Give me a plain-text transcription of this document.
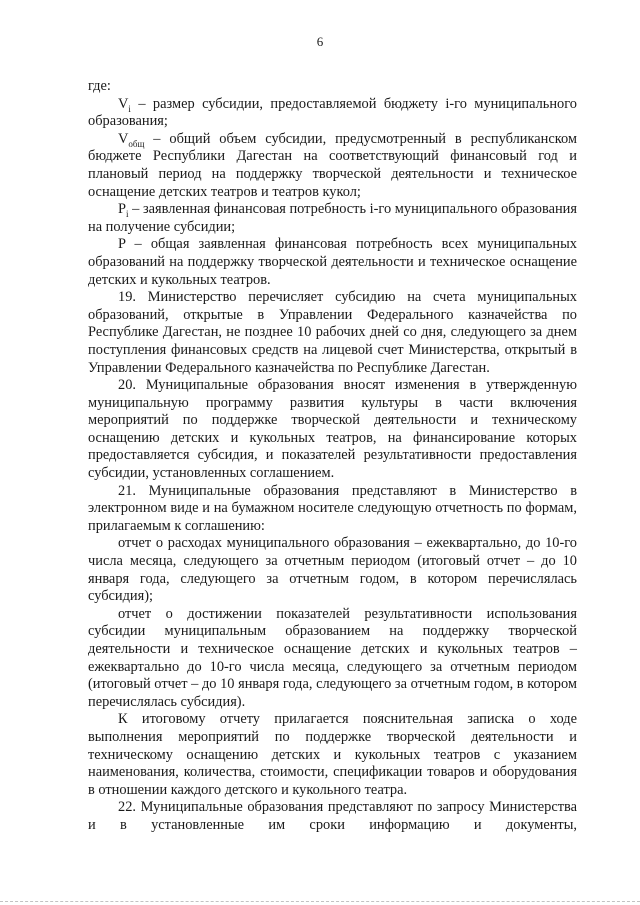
6

где:

$V_i$ – размер субсидии, предоставляемой бюджету i-го муниципального образования;

$V_{общ}$ – общий объем субсидии, предусмотренный в республиканском бюджете Республики Дагестан на соответствующий финансовый год и плановый период на поддержку творческой деятельности и техническое оснащение детских театров и театров кукол;

$P_i$ – заявленная финансовая потребность i-го муниципального образования на получение субсидии;

P – общая заявленная финансовая потребность всех муниципальных образований на поддержку творческой деятельности и техническое оснащение детских и кукольных театров.

19. Министерство перечисляет субсидию на счета муниципальных образований, открытые в Управлении Федерального казначейства по Республике Дагестан, не позднее 10 рабочих дней со дня, следующего за днем поступления финансовых средств на лицевой счет Министерства, открытый в Управлении Федерального казначейства по Республике Дагестан.

20. Муниципальные образования вносят изменения в утвержденную муниципальную программу развития культуры в части включения мероприятий по поддержке творческой деятельности и техническому оснащению детских и кукольных театров, на финансирование которых предоставляется субсидия, и показателей результативности предоставления субсидии, установленных соглашением.

21. Муниципальные образования представляют в Министерство в электронном виде и на бумажном носителе следующую отчетность по формам, прилагаемым к соглашению:

отчет о расходах муниципального образования – ежеквартально, до 10-го числа месяца, следующего за отчетным периодом (итоговый отчет – до 10 января года, следующего за отчетным годом, в котором перечислялась субсидия);

отчет о достижении показателей результативности использования субсидии муниципальным образованием на поддержку творческой деятельности и техническое оснащение детских и кукольных театров – ежеквартально до 10-го числа месяца, следующего за отчетным периодом (итоговый отчет – до 10 января года, следующего за отчетным годом, в котором перечислялась субсидия).

К итоговому отчету прилагается пояснительная записка о ходе выполнения мероприятий по поддержке творческой деятельности и техническому оснащению детских и кукольных театров с указанием наименования, количества, стоимости, спецификации товаров и оборудования в отношении каждого детского и кукольного театра.

22. Муниципальные образования представляют по запросу Министерства и в установленные им сроки информацию и документы,
